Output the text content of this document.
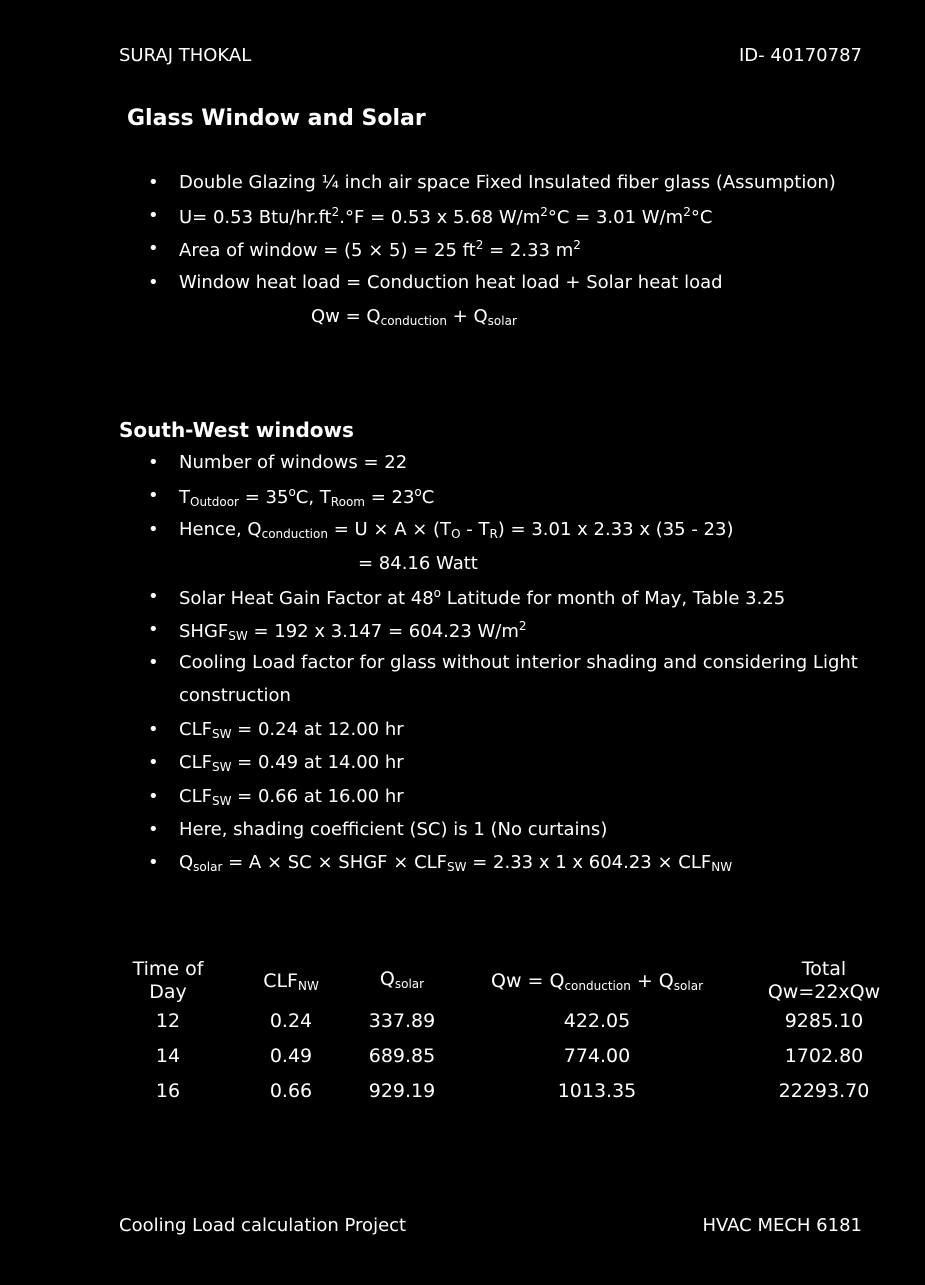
SURAJ THOKAL	ID- 40170787
Glass Window and Solar
• Double Glazing ¼ inch air space Fixed Insulated fiber glass (Assumption)
• U= 0.53 Btu/$hr.ft^2.^\circ F = 0.53$ x 5.68 $W/m^2^\circ C = 3.01$ $W/m^2^\circ C$
• Area of window = (5 × 5) = 25 $ft^2 = 2.33$ $m^2$
• Window heat load = Conduction heat load + Solar heat load
$Qw = Q_{conduction} + Q_{solar}$
South-West windows
• Number of windows = 22
• $T_{Outdoor} = 35^oC$, $T_{Room} = 23^oC$
• Hence, $Q_{conduction} = U \times A \times (T_O - T_R) = 3.01$ x 2.33 x (35 - 23)
= 84.16 Watt
• Solar Heat Gain Factor at 48$^o$ Latitude for month of May, Table 3.25
• $SHGF_{SW} = 192$ x 3.147 = 604.23 $W/m^2$
• Cooling Load factor for glass without interior shading and considering Light
construction
• $CLF_{SW} = 0.24$ at 12.00 hr
• $CLF_{SW} = 0.49$ at 14.00 hr
• $CLF_{SW} = 0.66$ at 16.00 hr
• Here, shading coefficient (SC) is 1 (No curtains)
• $Q_{solar} = A$ × SC × SHGF × $CLF_{SW} = 2.33$ x 1 x $604.23 \times CLF_{NW}$
Time of
Day	$CLF_{NW}$	$Q_{solar}$	$Qw = Q_{conduction} + Q_{solar}$
Total
Qw=22xQw
12	0.24	337.89	422.05	9285.10
14	0.49	689.85	774.00	1702.80
16	0.66	929.19	1013.35	22293.70
Cooling Load calculation Project	HVAC MECH 6181
